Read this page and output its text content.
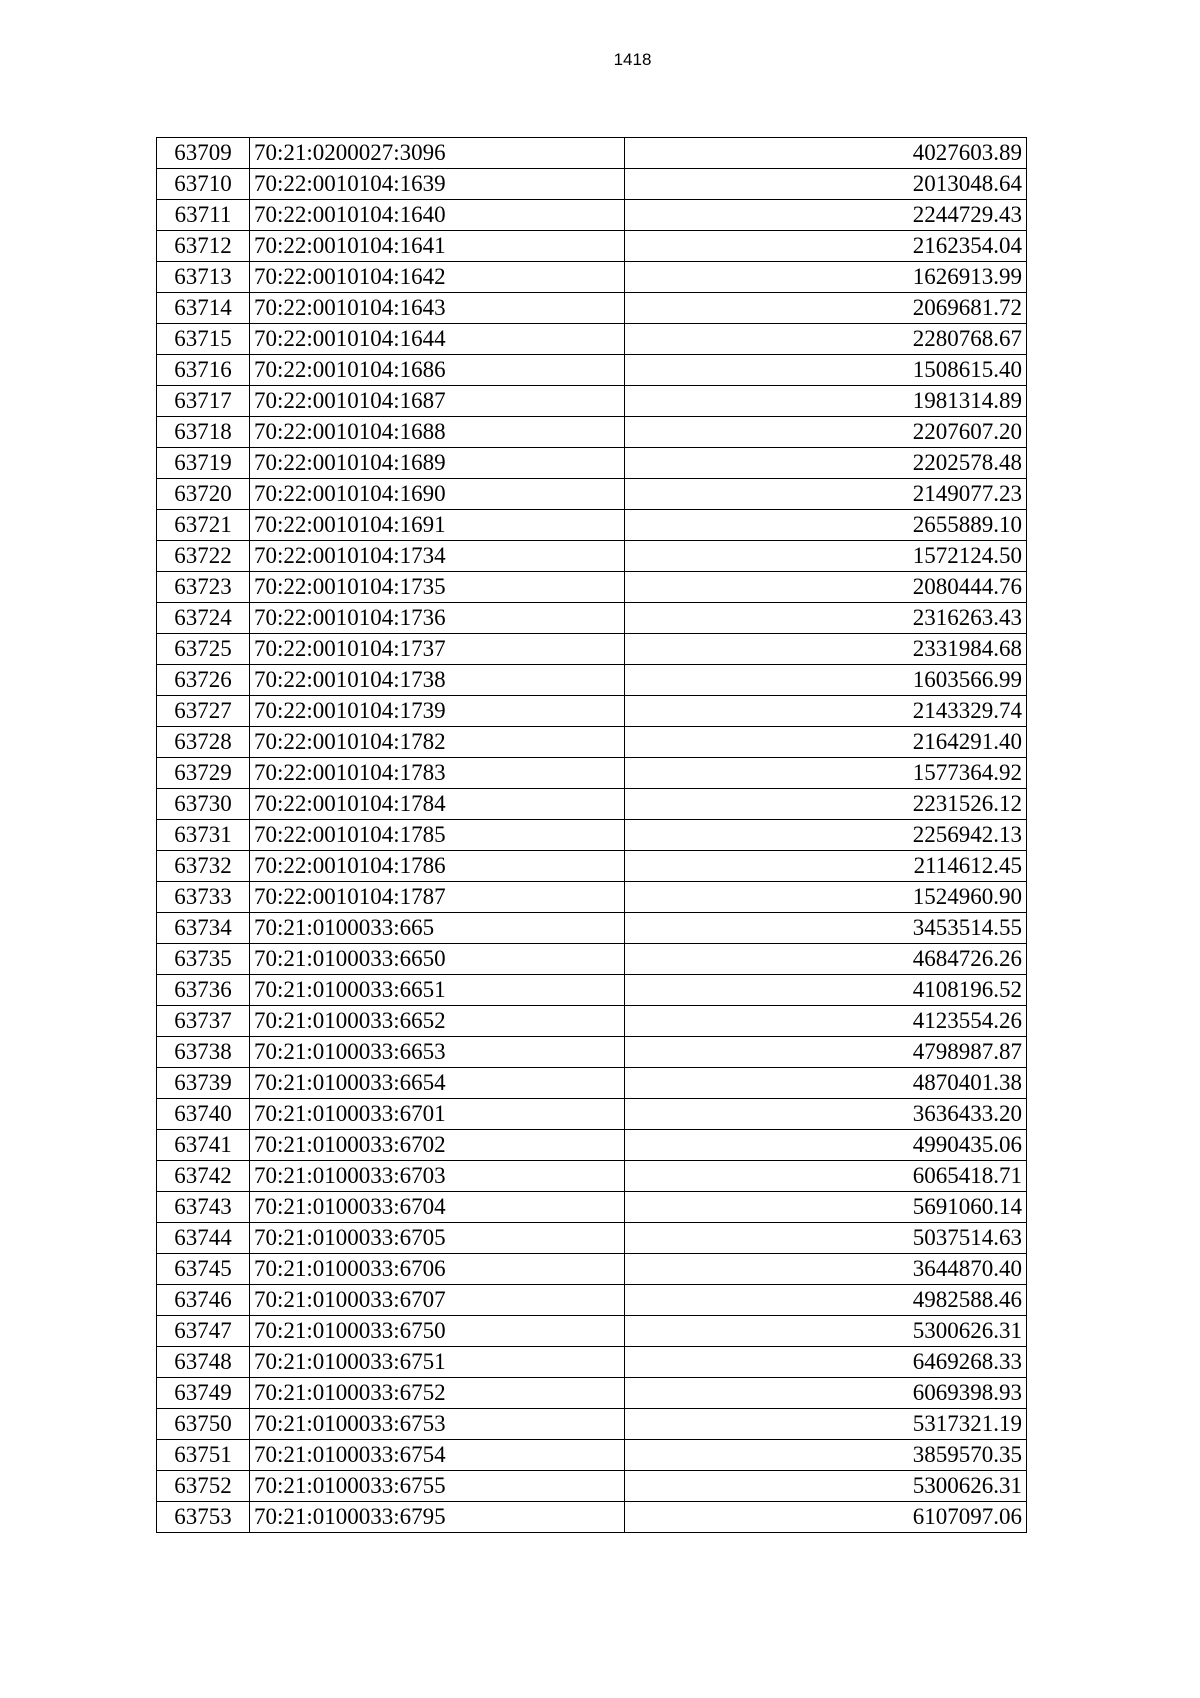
1418
63709	70:21:0200027:3096	4027603.89
63710	70:22:0010104:1639	2013048.64
63711	70:22:0010104:1640	2244729.43
63712	70:22:0010104:1641	2162354.04
63713	70:22:0010104:1642	1626913.99
63714	70:22:0010104:1643	2069681.72
63715	70:22:0010104:1644	2280768.67
63716	70:22:0010104:1686	1508615.40
63717	70:22:0010104:1687	1981314.89
63718	70:22:0010104:1688	2207607.20
63719	70:22:0010104:1689	2202578.48
63720	70:22:0010104:1690	2149077.23
63721	70:22:0010104:1691	2655889.10
63722	70:22:0010104:1734	1572124.50
63723	70:22:0010104:1735	2080444.76
63724	70:22:0010104:1736	2316263.43
63725	70:22:0010104:1737	2331984.68
63726	70:22:0010104:1738	1603566.99
63727	70:22:0010104:1739	2143329.74
63728	70:22:0010104:1782	2164291.40
63729	70:22:0010104:1783	1577364.92
63730	70:22:0010104:1784	2231526.12
63731	70:22:0010104:1785	2256942.13
63732	70:22:0010104:1786	2114612.45
63733	70:22:0010104:1787	1524960.90
63734	70:21:0100033:665	3453514.55
63735	70:21:0100033:6650	4684726.26
63736	70:21:0100033:6651	4108196.52
63737	70:21:0100033:6652	4123554.26
63738	70:21:0100033:6653	4798987.87
63739	70:21:0100033:6654	4870401.38
63740	70:21:0100033:6701	3636433.20
63741	70:21:0100033:6702	4990435.06
63742	70:21:0100033:6703	6065418.71
63743	70:21:0100033:6704	5691060.14
63744	70:21:0100033:6705	5037514.63
63745	70:21:0100033:6706	3644870.40
63746	70:21:0100033:6707	4982588.46
63747	70:21:0100033:6750	5300626.31
63748	70:21:0100033:6751	6469268.33
63749	70:21:0100033:6752	6069398.93
63750	70:21:0100033:6753	5317321.19
63751	70:21:0100033:6754	3859570.35
63752	70:21:0100033:6755	5300626.31
63753	70:21:0100033:6795	6107097.06
